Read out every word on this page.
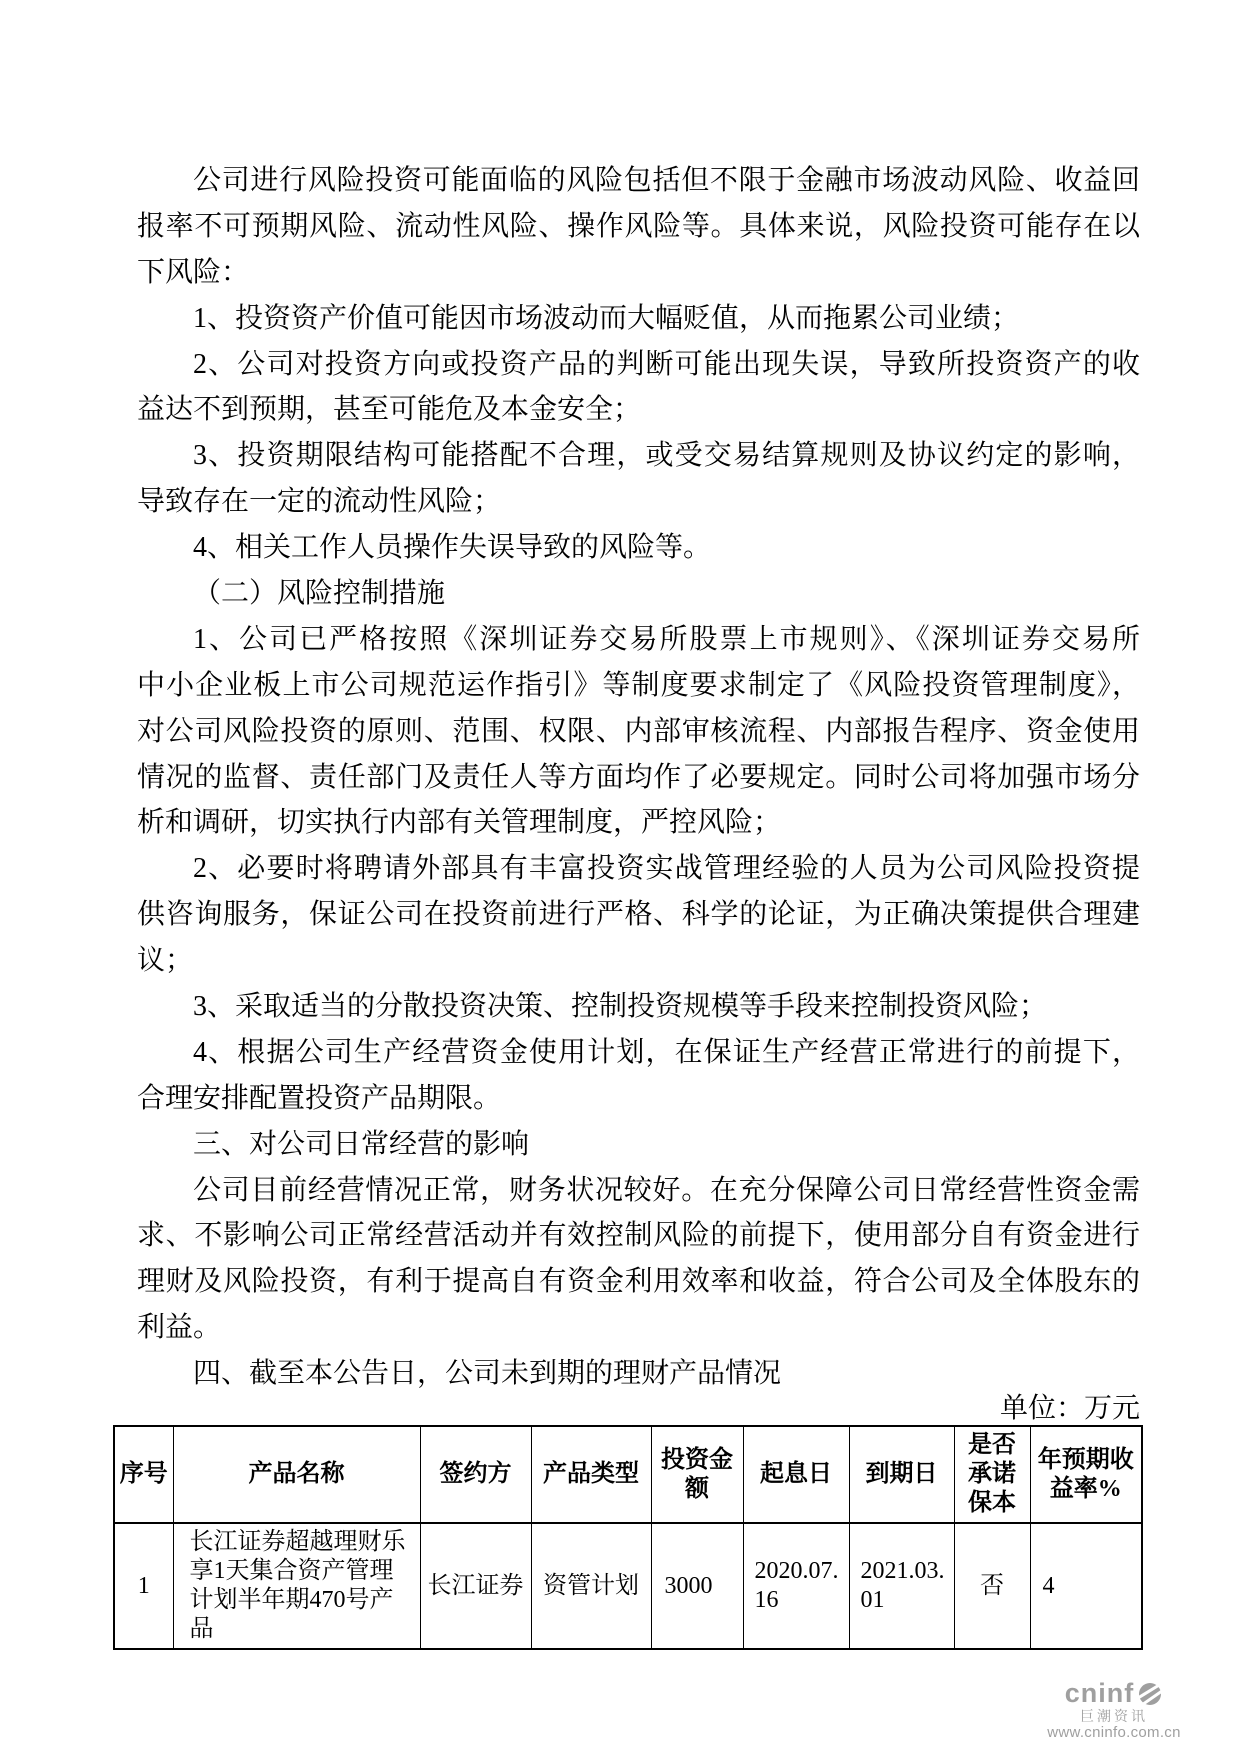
公司进行风险投资可能面临的风险包括但不限于金融市场波动风险、收益回
报率不可预期风险、流动性风险、操作风险等。具体来说，风险投资可能存在以
下风险：
1、投资资产价值可能因市场波动而大幅贬值，从而拖累公司业绩；
2、公司对投资方向或投资产品的判断可能出现失误，导致所投资资产的收
益达不到预期，甚至可能危及本金安全；
3、投资期限结构可能搭配不合理，或受交易结算规则及协议约定的影响，
导致存在一定的流动性风险；
4、相关工作人员操作失误导致的风险等。
（二）风险控制措施
1、公司已严格按照《深圳证券交易所股票上市规则》、《深圳证券交易所
中小企业板上市公司规范运作指引》等制度要求制定了《风险投资管理制度》，
对公司风险投资的原则、范围、权限、内部审核流程、内部报告程序、资金使用
情况的监督、责任部门及责任人等方面均作了必要规定。同时公司将加强市场分
析和调研，切实执行内部有关管理制度，严控风险；
2、必要时将聘请外部具有丰富投资实战管理经验的人员为公司风险投资提
供咨询服务，保证公司在投资前进行严格、科学的论证，为正确决策提供合理建
议；
3、采取适当的分散投资决策、控制投资规模等手段来控制投资风险；
4、根据公司生产经营资金使用计划，在保证生产经营正常进行的前提下，
合理安排配置投资产品期限。
三、对公司日常经营的影响
公司目前经营情况正常，财务状况较好。在充分保障公司日常经营性资金需
求、不影响公司正常经营活动并有效控制风险的前提下，使用部分自有资金进行
理财及风险投资，有利于提高自有资金利用效率和收益，符合公司及全体股东的
利益。
四、截至本公告日，公司未到期的理财产品情况
单位：万元
序号	产品名称	签约方	产品类型	投资金额	起息日	到期日	是否承诺保本	年预期收益率%
1	长江证券超越理财乐享1天集合资产管理计划半年期470号产品	长江证券	资管计划	3000	2020.07.16	2021.03.01	否	4
cninf
巨潮资讯
www.cninfo.com.cn
